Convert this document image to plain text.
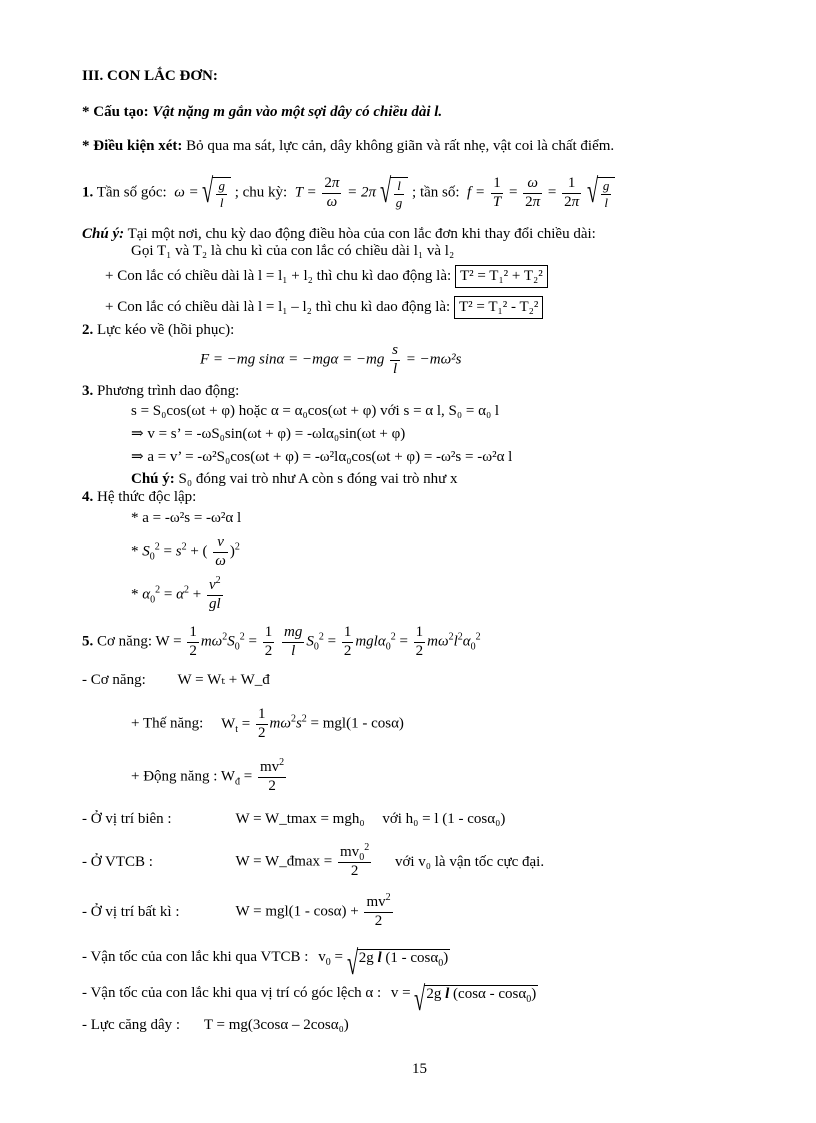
III. CON LẮC ĐƠN:
* Cấu tạo: Vật nặng m gắn vào một sợi dây có chiều dài l.
* Điều kiện xét: Bỏ qua ma sát, lực cản, dây không giãn và rất nhẹ, vật coi là chất điểm.
1. Tần số góc:  ω = √ $\frac{g}{l}$ ; chu kỳ:  $T = \frac{2\pi}{\omega} = 2\pi$ √ $\frac{l}{g}$ ; tần số:  $f = \frac{1}{T} = \frac{\omega}{2\pi} = \frac{1}{2\pi}$
√ $\frac{g}{l}$
Chú ý: Tại một nơi, chu kỳ dao động điều hòa của con lắc đơn khi thay đổi chiều dài:
Gọi T₁ và T₂ là chu kì của con lắc có chiều dài l₁ và l₂
+ Con lắc có chiều dài là l = l₁ + l₂ thì chu kì dao động là: T² = T₁² + T₂²
+ Con lắc có chiều dài là l = l₁ – l₂ thì chu kì dao động là: T² = T₁² - T₂²
2. Lực kéo về (hồi phục):
F = −mg $\sin\alpha = -mg\alpha = -mg \frac{s}{l} = -m\omega^2s$
3. Phương trình dao động:
s = S₀cos(ωt + φ) hoặc α = α₀cos(ωt + φ) với s = α l, S₀ = α₀ l
⇒ v = s’ = -ωS₀sin(ωt + φ) = -ωlα₀sin(ωt + φ)
⇒ a = v’ = -ω²S₀cos(ωt + φ) = -ω²lα₀cos(ωt + φ) = -ω²s = -ω²α l
Chú ý: S₀ đóng vai trò như A còn s đóng vai trò như x
4. Hệ thức độc lập:
* a = -ω²s = -ω²α l
* $S_0^2 = s^2$ + ( $\frac{v}{\omega} )^2$
* $\alpha_0^2 = \alpha^2 + \frac{v^2}{gl}$
5. Cơ năng: $W = \frac{1}{2} m\omega^2S_0^2 = \frac{1}{2}$
$\frac{mg}{l} S_0^2 = \frac{1}{2} mgl\alpha_0^2 = \frac{1}{2} m\omega^2l^2\alpha_0^2$
- Cơ năng: W = Wₜ + W_đ
+ Thế năng: $W_t = \frac{1}{2} m\omega^2s^2 = mgl(1 - \cos\alpha)$
+ Động năng : $W_đ = \frac{mv^2}{2}$
- Ở vị trí biên :	W = W_tmax = mgh₀ với h₀ = l (1 - cosα₀)
- Ở VTCB :	W = W_đmax = $\frac{mv_0^2}{2}$ với v₀ là vận tốc cực đại.
- Ở vị trí bất kì :	$W = mgl(1 - \cos\alpha) + \frac{mv^2}{2}$
- Vận tốc của con lắc khi qua VTCB : $v_0$ = √ 2g l (1 - cosα$_0$)
- Vận tốc của con lắc khi qua vị trí có góc lệch α : v = √ 2g l (cosα - cosα$_0$)
- Lực căng dây : T = mg(3cosα – 2cosα₀)
15
